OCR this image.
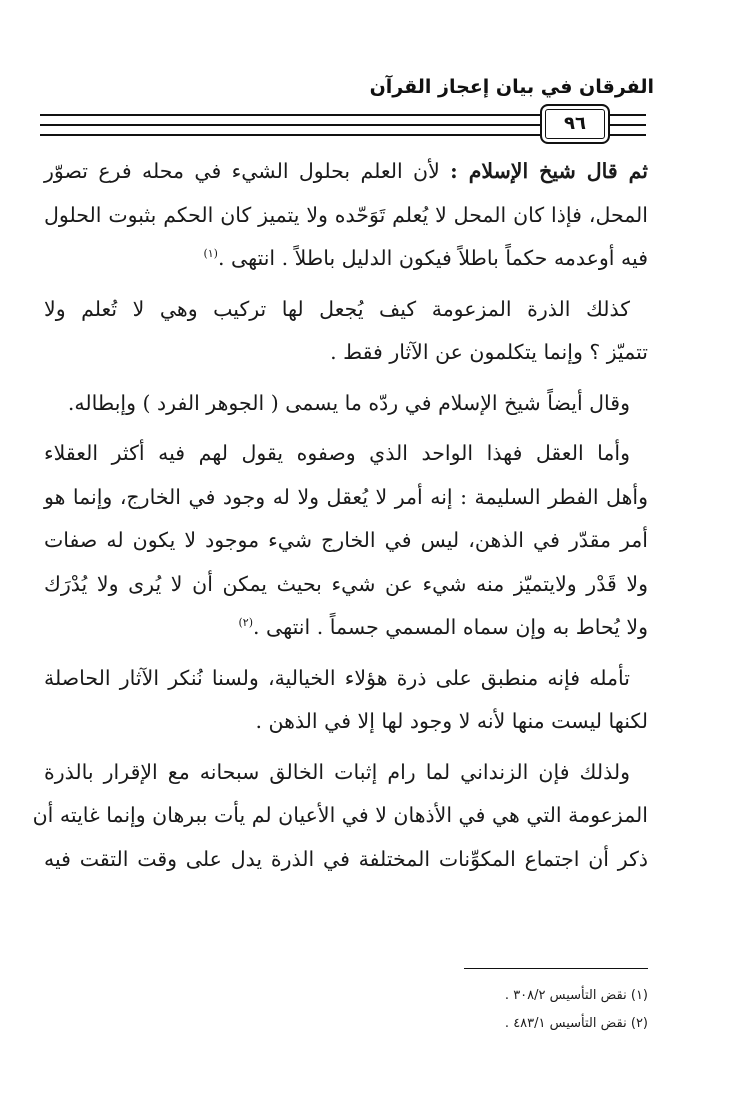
الفرقان في بيان إعجاز القرآن
٩٦
ثم قال شيخ الإسلام : لأن العلم بحلول الشيء في محله فرع تصوّر
المحل، فإذا كان المحل لا يُعلم تَوَحّده ولا يتميز كان الحكم بثبوت الحلول
فيه أوعدمه حكماً باطلاً فيكون الدليل باطلاً . انتهى .$^{(١)}$
كذلك الذرة المزعومة كيف يُجعل لها تركيب وهي لا تُعلم ولا
تتميّز ؟ وإنما يتكلمون عن الآثار فقط .
وقال أيضاً شيخ الإسلام في ردّه ما يسمى ( الجوهر الفرد ) وإبطاله.
وأما العقل فهذا الواحد الذي وصفوه يقول لهم فيه أكثر العقلاء
وأهل الفطر السليمة : إنه أمر لا يُعقل ولا له وجود في الخارج، وإنما هو
أمر مقدّر في الذهن، ليس في الخارج شيء موجود لا يكون له صفات
ولا قَدْر ولايتميّز منه شيء عن شيء بحيث يمكن أن لا يُرى ولا يُدْرَك
ولا يُحاط به وإن سماه المسمي جسماً . انتهى .$^{(٢)}$
تأمله فإنه منطبق على ذرة هؤلاء الخيالية، ولسنا نُنكر الآثار الحاصلة
لكنها ليست منها لأنه لا وجود لها إلا في الذهن .
ولذلك فإن الزنداني لما رام إثبات الخالق سبحانه مع الإقرار بالذرة
المزعومة التي هي في الأذهان لا في الأعيان لم يأت ببرهان وإنما غايته أن
ذكر أن اجتماع المكوِّنات المختلفة في الذرة يدل على وقت التقت فيه
(١) نقض التأسيس ٣٠٨/٢ .
(٢) نقض التأسيس ٤٨٣/١ .
